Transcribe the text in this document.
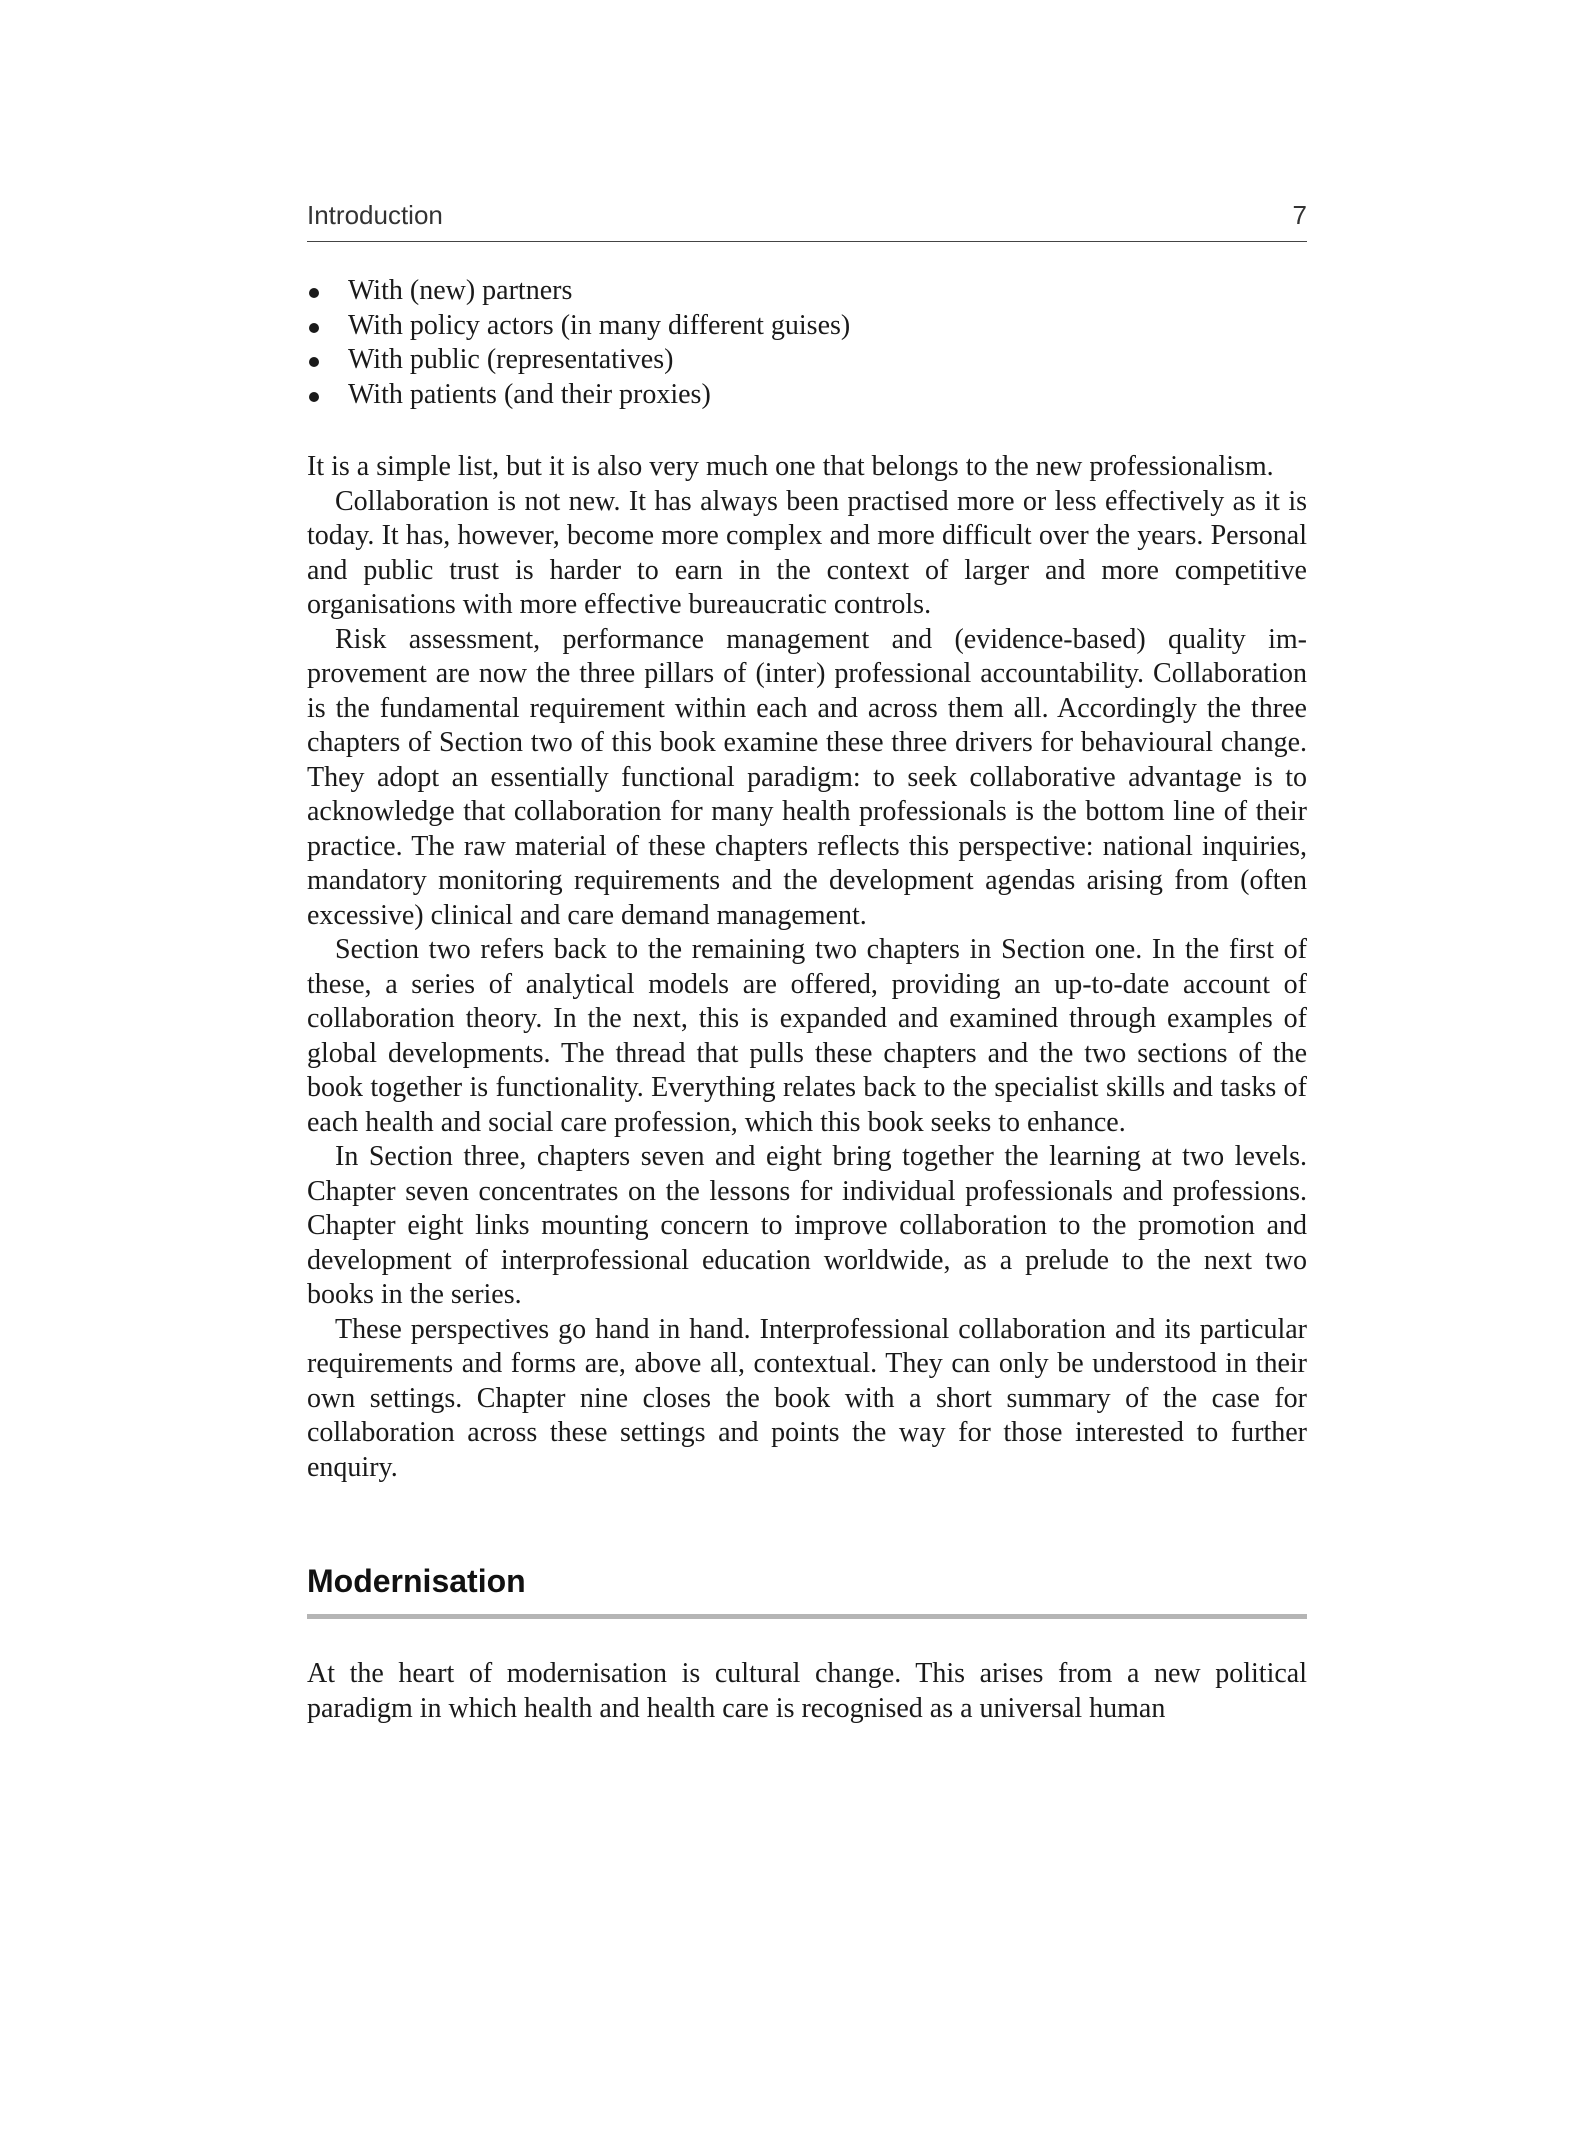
Introduction	7
With (new) partners
With policy actors (in many different guises)
With public (representatives)
With patients (and their proxies)

It is a simple list, but it is also very much one that belongs to the new professionalism.

Collaboration is not new. It has always been practised more or less effectively as it is today. It has, however, become more complex and more difficult over the years. Personal and public trust is harder to earn in the context of larger and more competitive organisations with more effective bureaucratic controls.

Risk assessment, performance management and (evidence-based) quality improvement are now the three pillars of (inter) professional accountability. Collaboration is the fundamental requirement within each and across them all. Accordingly the three chapters of Section two of this book examine these three drivers for behavioural change. They adopt an essentially functional paradigm: to seek collaborative advantage is to acknowledge that collaboration for many health professionals is the bottom line of their practice. The raw material of these chapters reflects this perspective: national inquiries, mandatory monitoring requirements and the development agendas arising from (often excessive) clinical and care demand management.

Section two refers back to the remaining two chapters in Section one. In the first of these, a series of analytical models are offered, providing an up-to-date account of collaboration theory. In the next, this is expanded and examined through examples of global developments. The thread that pulls these chapters and the two sections of the book together is functionality. Everything relates back to the specialist skills and tasks of each health and social care profession, which this book seeks to enhance.

In Section three, chapters seven and eight bring together the learning at two levels. Chapter seven concentrates on the lessons for individual professionals and professions. Chapter eight links mounting concern to improve collaboration to the promotion and development of interprofessional education worldwide, as a prelude to the next two books in the series.

These perspectives go hand in hand. Interprofessional collaboration and its particular requirements and forms are, above all, contextual. They can only be understood in their own settings. Chapter nine closes the book with a short summary of the case for collaboration across these settings and points the way for those interested to further enquiry.

Modernisation

At the heart of modernisation is cultural change. This arises from a new political paradigm in which health and health care is recognised as a universal human
